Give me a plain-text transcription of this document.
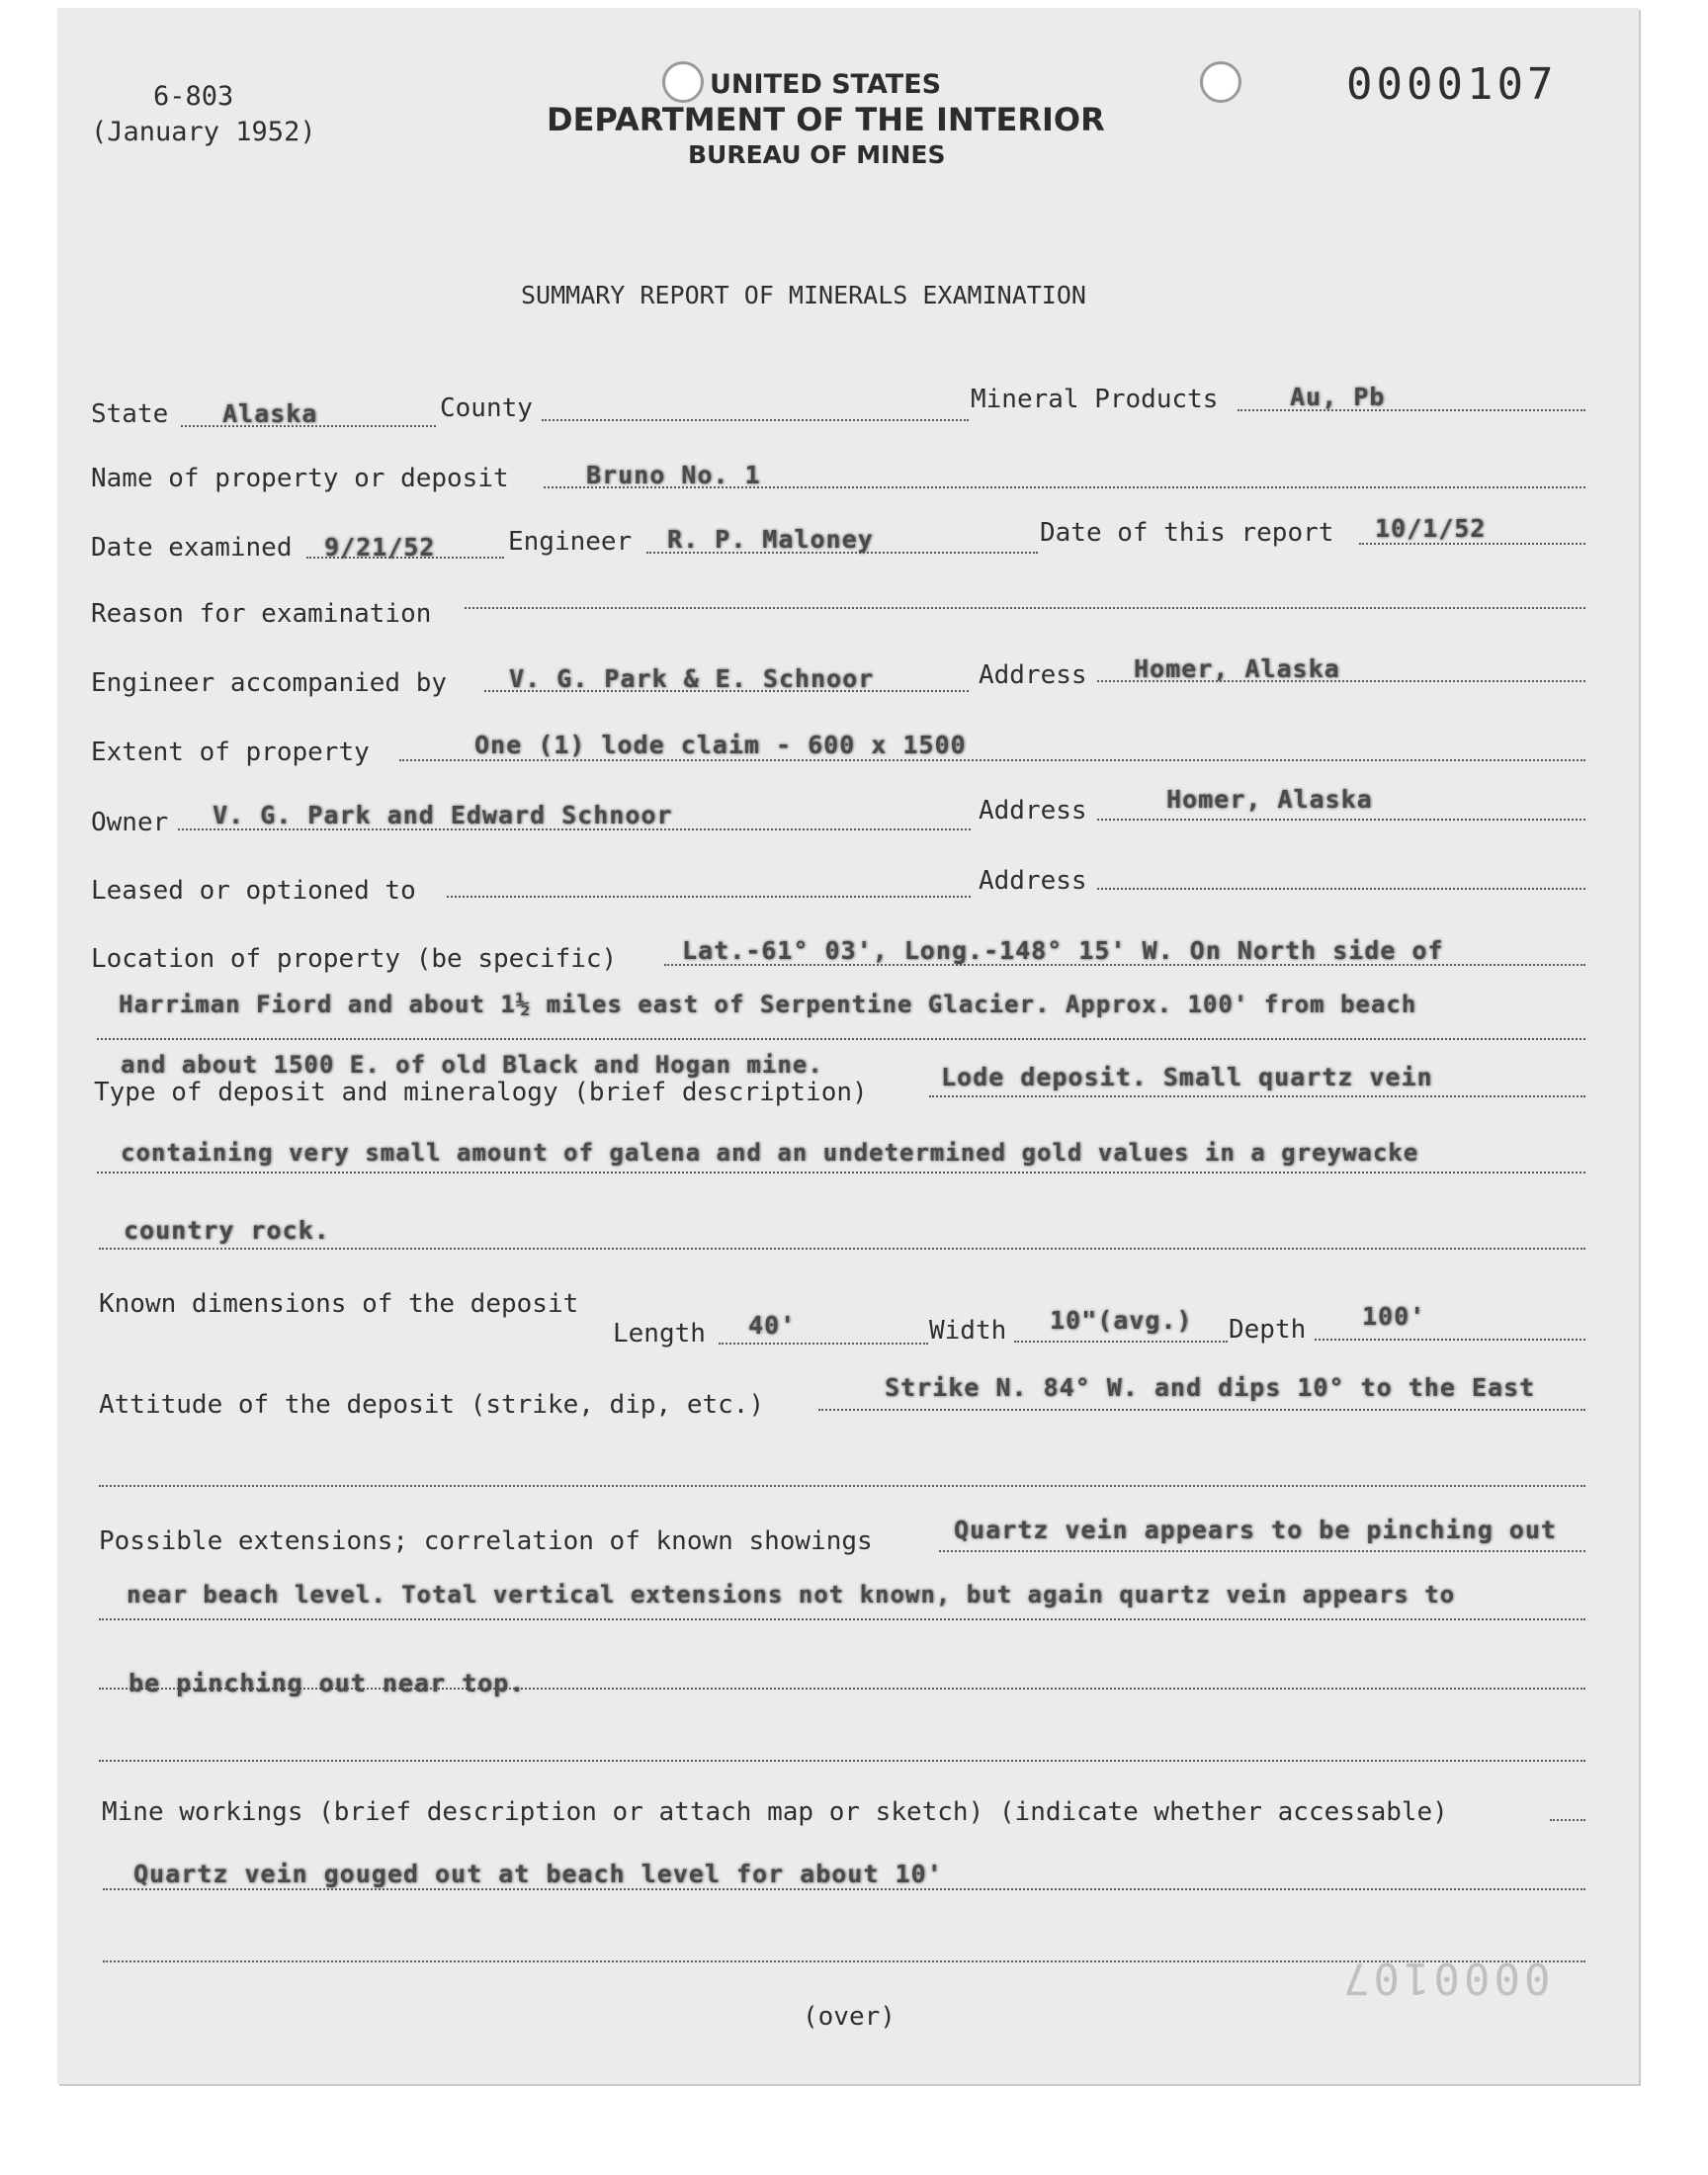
6-803
(January 1952)
0000107
0000107
UNITED STATES
DEPARTMENT OF THE INTERIOR
BUREAU OF MINES
SUMMARY REPORT OF MINERALS EXAMINATION
State Alaska	County	Mineral Products	Au, Pb
Name of property or deposit	Bruno No. 1
Date examined 9/21/52	Engineer R. P. Maloney	Date of this report 10/1/52
Reason for examination
Engineer accompanied by	V. G. Park & E. Schnoor	Address Homer, Alaska
Extent of property	One (1) lode claim - 600 x 1500
Owner V. G. Park and Edward Schnoor	Address	Homer, Alaska
Leased or optioned to	Address
Location of property (be specific)	Lat.-61° 03', Long.-148° 15' W. On North side of
Harriman Fiord and about 1½ miles east of Serpentine Glacier. Approx. 100' from beach
and about 1500 E. of old Black and Hogan mine.
Type of deposit and mineralogy (brief description)
Lode deposit. Small quartz vein
containing very small amount of galena and an undetermined gold values in a greywacke
country rock.
Known dimensions of the deposit
Length 40'	Width 10"(avg.) Depth 100'
Attitude of the deposit (strike, dip, etc.)
Strike N. 84° W. and dips 10° to the East
Possible extensions; correlation of known showings	Quartz vein appears to be pinching out
near beach level. Total vertical extensions not known, but again quartz vein appears to
be pinching out near top.
Mine workings (brief description or attach map or sketch) (indicate whether accessable)
Quartz vein gouged out at beach level for about 10'
(over)
